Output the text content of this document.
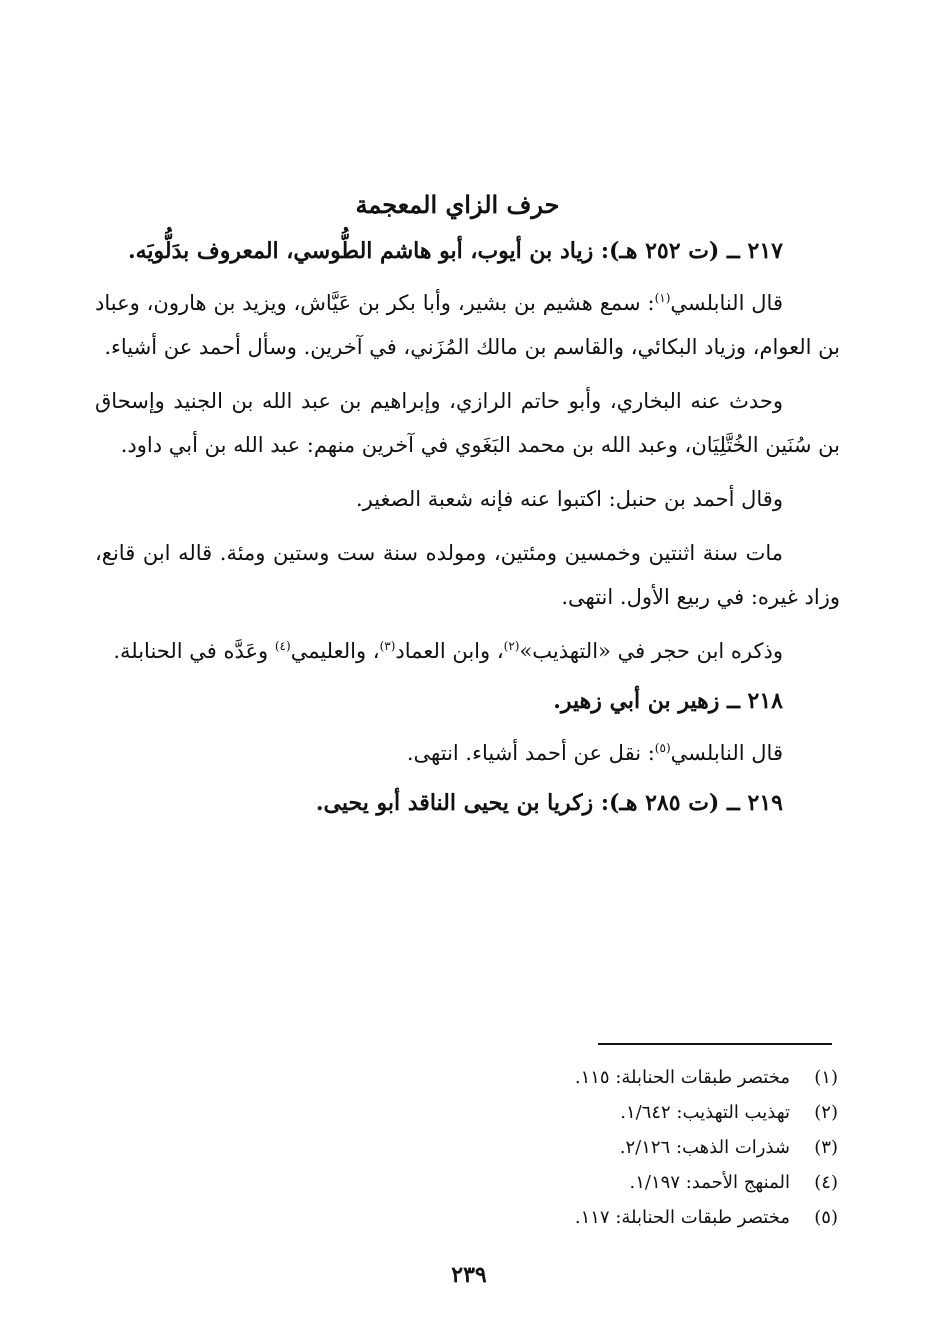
حرف الزاي المعجمة
٢١٧ ــ (ت ٢٥٢ هـ): زياد بن أيوب، أبو هاشم الطُّوسي، المعروف بدَلُّويَه.

قال النابلسي$^{(١)}$: سمع هشيم بن بشير، وأبا بكر بن عَيَّاش، ويزيد بن هارون، وعباد بن العوام، وزياد البكائي، والقاسم بن مالك المُزَني، في آخرين. وسأل أحمد عن أشياء.

وحدث عنه البخاري، وأبو حاتم الرازي، وإبراهيم بن عبد الله بن الجنيد وإسحاق بن سُنَين الخُتَّلِيَان، وعبد الله بن محمد البَغَوي في آخرين منهم: عبد الله بن أبي داود.

وقال أحمد بن حنبل: اكتبوا عنه فإنه شعبة الصغير.

مات سنة اثنتين وخمسين ومئتين، ومولده سنة ست وستين ومئة. قاله ابن قانع، وزاد غيره: في ربيع الأول. انتهى.

وذكره ابن حجر في «التهذيب»$^{(٢)}$، وابن العماد$^{(٣)}$، والعليمي$^{(٤)}$ وعَدَّه في الحنابلة.

٢١٨ ــ زهير بن أبي زهير.

قال النابلسي$^{(٥)}$: نقل عن أحمد أشياء. انتهى.

٢١٩ ــ (ت ٢٨٥ هـ): زكريا بن يحيى الناقد أبو يحيى.
(١)
مختصر طبقات الحنابلة: ١١٥.
(٢)
تهذيب التهذيب: ١/٦٤٢.
(٣)
شذرات الذهب: ٢/١٢٦.
(٤)
المنهج الأحمد: ١/١٩٧.
(٥)
مختصر طبقات الحنابلة: ١١٧.
٢٣٩
